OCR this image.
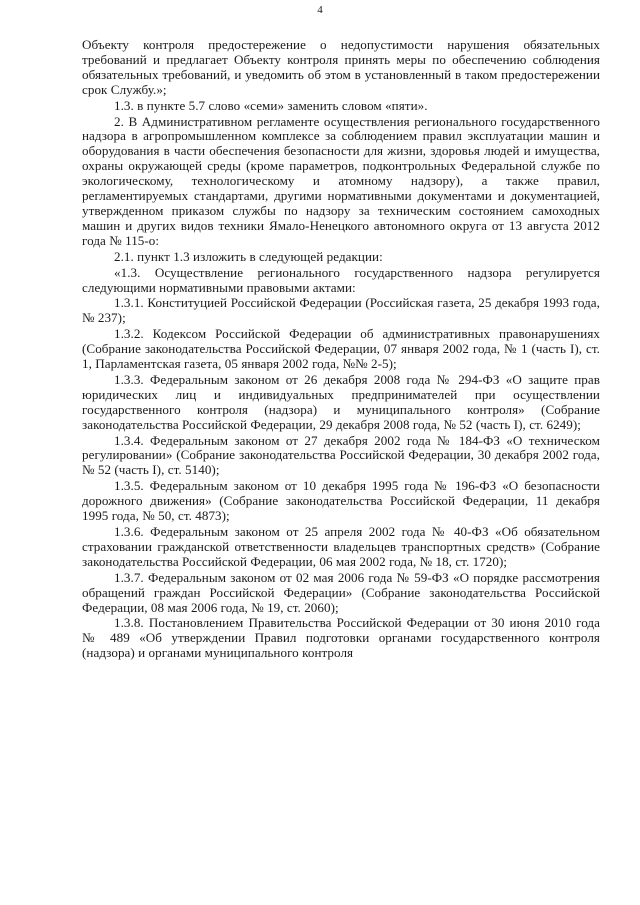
4

Объекту контроля предостережение о недопустимости нарушения обязательных требований и предлагает Объекту контроля принять меры по обеспечению соблюдения обязательных требований, и уведомить об этом в установленный в таком предостережении срок Службу.»;

1.3. в пункте 5.7 слово «семи» заменить словом «пяти».

2. В Административном регламенте осуществления регионального государственного надзора в агропромышленном комплексе за соблюдением правил эксплуатации машин и оборудования в части обеспечения безопасности для жизни, здоровья людей и имущества, охраны окружающей среды (кроме параметров, подконтрольных Федеральной службе по экологическому, технологическому и атомному надзору), а также правил, регламентируемых стандартами, другими нормативными документами и документацией, утвержденном приказом службы по надзору за техническим состоянием самоходных машин и других видов техники Ямало-Ненецкого автономного округа от 13 августа 2012 года № 115-о:

2.1. пункт 1.3 изложить в следующей редакции:

«1.3. Осуществление регионального государственного надзора регулируется следующими нормативными правовыми актами:

1.3.1. Конституцией Российской Федерации (Российская газета, 25 декабря 1993 года, № 237);

1.3.2. Кодексом Российской Федерации об административных правонарушениях (Собрание законодательства Российской Федерации, 07 января 2002 года, № 1 (часть I), ст. 1, Парламентская газета, 05 января 2002 года, №№ 2-5);

1.3.3. Федеральным законом от 26 декабря 2008 года № 294-ФЗ «О защите прав юридических лиц и индивидуальных предпринимателей при осуществлении государственного контроля (надзора) и муниципального контроля» (Собрание законодательства Российской Федерации, 29 декабря 2008 года, № 52 (часть I), ст. 6249);

1.3.4. Федеральным законом от 27 декабря 2002 года № 184-ФЗ «О техническом регулировании» (Собрание законодательства Российской Федерации, 30 декабря 2002 года, № 52 (часть I), ст. 5140);

1.3.5. Федеральным законом от 10 декабря 1995 года № 196-ФЗ «О безопасности дорожного движения» (Собрание законодательства Российской Федерации, 11 декабря 1995 года, № 50, ст. 4873);

1.3.6. Федеральным законом от 25 апреля 2002 года № 40-ФЗ «Об обязательном страховании гражданской ответственности владельцев транспортных средств» (Собрание законодательства Российской Федерации, 06 мая 2002 года, № 18, ст. 1720);

1.3.7. Федеральным законом от 02 мая 2006 года № 59-ФЗ «О порядке рассмотрения обращений граждан Российской Федерации» (Собрание законодательства Российской Федерации, 08 мая 2006 года, № 19, ст. 2060);

1.3.8. Постановлением Правительства Российской Федерации от 30 июня 2010 года № 489 «Об утверждении Правил подготовки органами государственного контроля (надзора) и органами муниципального контроля
